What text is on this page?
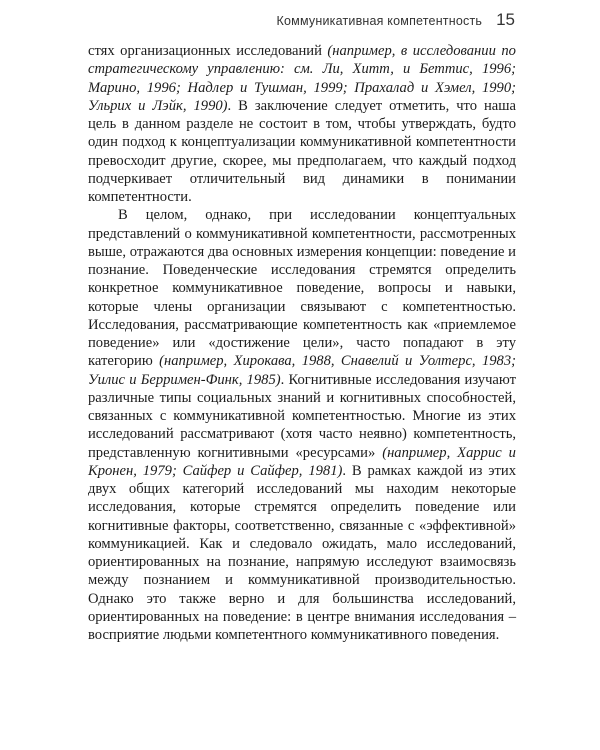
Коммуникативная компетентность 15

стях организационных исследований (например, в исследовании по стратегическому управлению: см. Ли, Хитт, и Беттис, 1996; Марино, 1996; Надлер и Тушман, 1999; Прахалад и Хэмел, 1990; Ульрих и Лэйк, 1990). В заключение следует отметить, что наша цель в данном разделе не состоит в том, чтобы утверждать, будто один подход к концептуализации коммуникативной компетентности превосходит другие, скорее, мы предполагаем, что каждый подход подчеркивает отличительный вид динамики в понимании компетентности.

В целом, однако, при исследовании концептуальных представлений о коммуникативной компетентности, рассмотренных выше, отражаются два основных измерения концепции: поведение и познание. Поведенческие исследования стремятся определить конкретное коммуникативное поведение, вопросы и навыки, которые члены организации связывают с компетентностью. Исследования, рассматривающие компетентность как «приемлемое поведение» или «достижение цели», часто попадают в эту категорию (например, Хирокава, 1988, Снавелий и Уолтерс, 1983; Уилис и Берримен-Финк, 1985). Когнитивные исследования изучают различные типы социальных знаний и когнитивных способностей, связанных с коммуникативной компетентностью. Многие из этих исследований рассматривают (хотя часто неявно) компетентность, представленную когнитивными «ресурсами» (например, Харрис и Кронен, 1979; Сайфер и Сайфер, 1981). В рамках каждой из этих двух общих категорий исследований мы находим некоторые исследования, которые стремятся определить поведение или когнитивные факторы, соответственно, связанные с «эффективной» коммуникацией. Как и следовало ожидать, мало исследований, ориентированных на познание, напрямую исследуют взаимосвязь между познанием и коммуникативной производительностью. Однако это также верно и для большинства исследований, ориентированных на поведение: в центре внимания исследования – восприятие людьми компетентного коммуникативного поведения.
